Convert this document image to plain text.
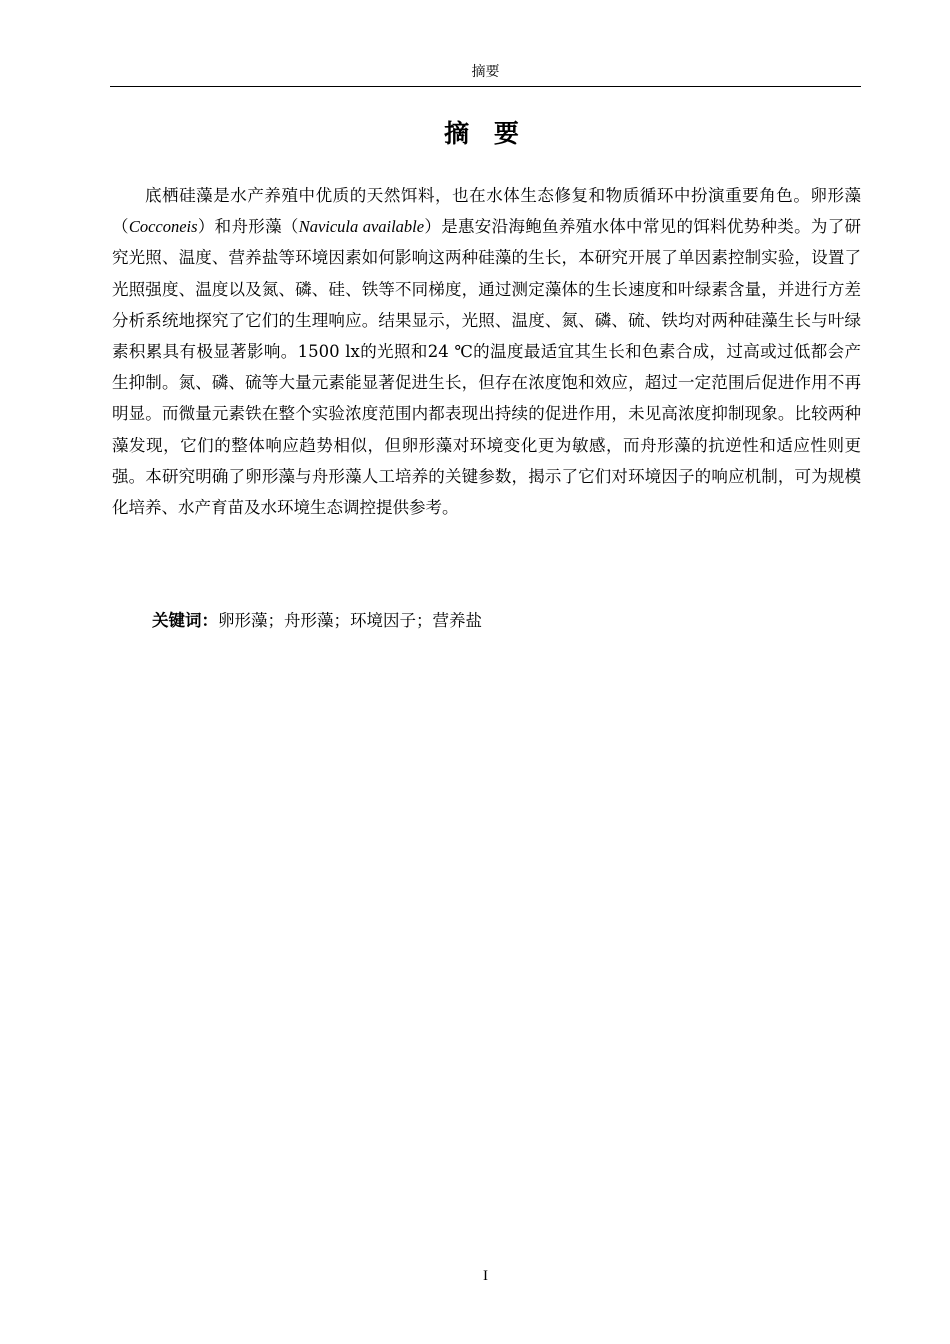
摘要
摘 要

底栖硅藻是水产养殖中优质的天然饵料，也在水体生态修复和物质循环中扮演重要角色。卵形藻（Cocconeis）和舟形藻（Navicula available）是惠安沿海鲍鱼养殖水体中常见的饵料优势种类。为了研究光照、温度、营养盐等环境因素如何影响这两种硅藻的生长，本研究开展了单因素控制实验，设置了光照强度、温度以及氮、磷、硅、铁等不同梯度，通过测定藻体的生长速度和叶绿素含量，并进行方差分析系统地探究了它们的生理响应。结果显示，光照、温度、氮、磷、硫、铁均对两种硅藻生长与叶绿素积累具有极显著影响。1500 lx的光照和24 ℃的温度最适宜其生长和色素合成，过高或过低都会产生抑制。氮、磷、硫等大量元素能显著促进生长，但存在浓度饱和效应，超过一定范围后促进作用不再明显。而微量元素铁在整个实验浓度范围内都表现出持续的促进作用，未见高浓度抑制现象。比较两种藻发现，它们的整体响应趋势相似，但卵形藻对环境变化更为敏感，而舟形藻的抗逆性和适应性则更强。本研究明确了卵形藻与舟形藻人工培养的关键参数，揭示了它们对环境因子的响应机制，可为规模化培养、水产育苗及水环境生态调控提供参考。

关键词：卵形藻；舟形藻；环境因子；营养盐
I
